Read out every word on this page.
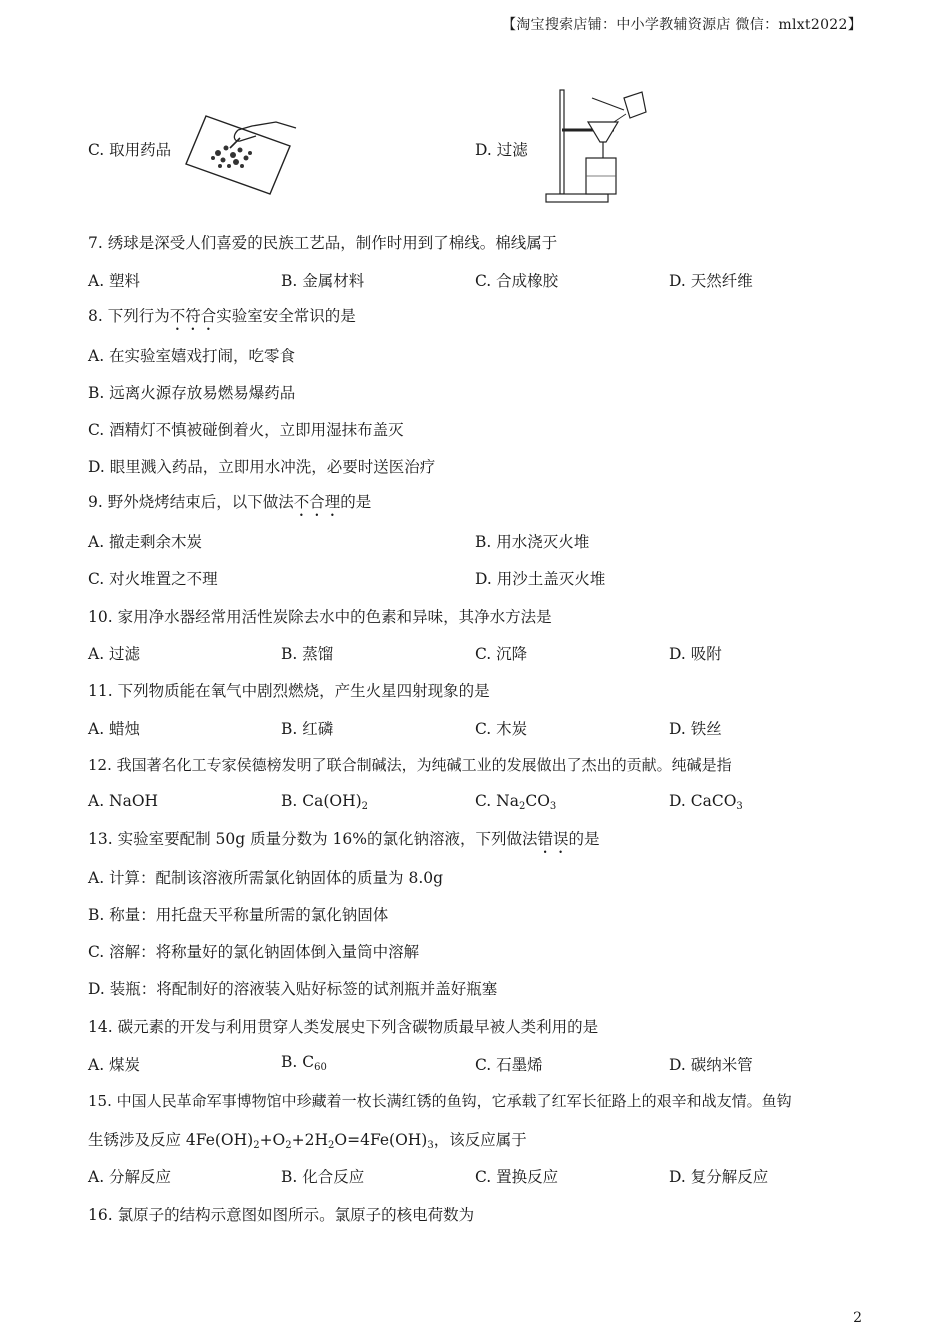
【淘宝搜索店铺：中小学教辅资源店 微信：mlxt2022】
C. 取用药品	D. 过滤
7. 绣球是深受人们喜爱的民族工艺品，制作时用到了棉线。棉线属于
A. 塑料	B. 金属材料	C. 合成橡胶	D. 天然纤维
8. 下列行为不符合实验室安全常识的是
A. 在实验室嬉戏打闹，吃零食
B. 远离火源存放易燃易爆药品
C. 酒精灯不慎被碰倒着火，立即用湿抹布盖灭
D. 眼里溅入药品，立即用水冲洗，必要时送医治疗
9. 野外烧烤结束后，以下做法不合理的是
A. 撤走剩余木炭	B. 用水浇灭火堆
C. 对火堆置之不理	D. 用沙土盖灭火堆
10. 家用净水器经常用活性炭除去水中的色素和异味，其净水方法是
A. 过滤	B. 蒸馏	C. 沉降	D. 吸附
11. 下列物质能在氧气中剧烈燃烧，产生火星四射现象的是
A. 蜡烛	B. 红磷	C. 木炭	D. 铁丝
12. 我国著名化工专家侯德榜发明了联合制碱法，为纯碱工业的发展做出了杰出的贡献。纯碱是指
A. NaOH	B. $Ca(OH)_2$	C. $Na_2CO_3$	D. CaCO$_3$
13. 实验室要配制 50g 质量分数为 16%的氯化钠溶液，下列做法错误的是
A. 计算：配制该溶液所需氯化钠固体的质量为 8.0g
B. 称量：用托盘天平称量所需的氯化钠固体
C. 溶解：将称量好的氯化钠固体倒入量筒中溶解
D. 装瓶：将配制好的溶液装入贴好标签的试剂瓶并盖好瓶塞
14. 碳元素的开发与利用贯穿人类发展史下列含碳物质最早被人类利用的是
A. 煤炭	B. $C_{60}$	C. 石墨烯	D. 碳纳米管
15. 中国人民革命军事博物馆中珍藏着一枚长满红锈的鱼钩，它承载了红军长征路上的艰辛和战友情。鱼钩
生锈涉及反应 $4Fe(OH)_2+O_2+2H_2O=4Fe(OH)_3$，该反应属于
A. 分解反应	B. 化合反应	C. 置换反应	D. 复分解反应
16. 氯原子的结构示意图如图所示。氯原子的核电荷数为
2
